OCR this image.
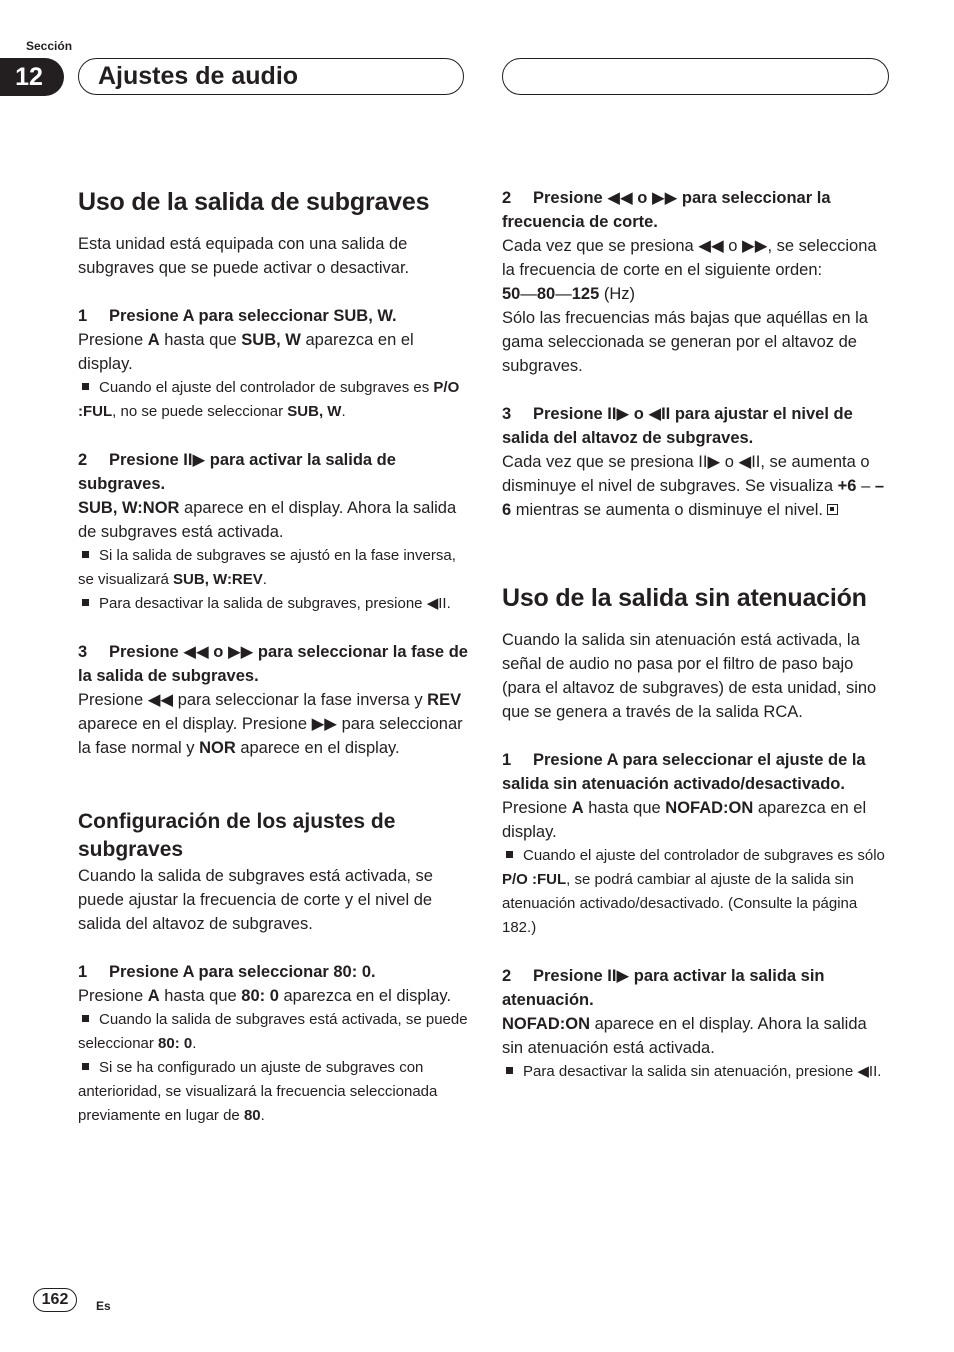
Sección
12	Ajustes de audio
Uso de la salida de subgraves

Esta unidad está equipada con una salida de subgraves que se puede activar o desactivar.

1 Presione A para seleccionar SUB, W.

Presione A hasta que SUB, W aparezca en el display.

Cuando el ajuste del controlador de subgraves es P/O :FUL, no se puede seleccionar SUB, W.

2 Presione II▶ para activar la salida de subgraves.

SUB, W:NOR aparece en el display. Ahora la salida de subgraves está activada.

Si la salida de subgraves se ajustó en la fase inversa, se visualizará SUB, W:REV.

Para desactivar la salida de subgraves, presione ◀II.

3 Presione ◀◀ o ▶▶ para seleccionar la fase de la salida de subgraves.

Presione ◀◀ para seleccionar la fase inversa y REV aparece en el display. Presione ▶▶ para seleccionar la fase normal y NOR aparece en el display.

Configuración de los ajustes de subgraves

Cuando la salida de subgraves está activada, se puede ajustar la frecuencia de corte y el nivel de salida del altavoz de subgraves.

1 Presione A para seleccionar 80: 0.

Presione A hasta que 80: 0 aparezca en el display.

Cuando la salida de subgraves está activada, se puede seleccionar 80: 0.

Si se ha configurado un ajuste de subgraves con anterioridad, se visualizará la frecuencia seleccionada previamente en lugar de 80.

2 Presione ◀◀ o ▶▶ para seleccionar la frecuencia de corte.

Cada vez que se presiona ◀◀ o ▶▶, se selecciona la frecuencia de corte en el siguiente orden:

50—80—125 (Hz)

Sólo las frecuencias más bajas que aquéllas en la gama seleccionada se generan por el altavoz de subgraves.

3 Presione II▶ o ◀II para ajustar el nivel de salida del altavoz de subgraves.

Cada vez que se presiona II▶ o ◀II, se aumenta o disminuye el nivel de subgraves. Se visualiza +6 – –6 mientras se aumenta o disminuye el nivel.

Uso de la salida sin atenuación

Cuando la salida sin atenuación está activada, la señal de audio no pasa por el filtro de paso bajo (para el altavoz de subgraves) de esta unidad, sino que se genera a través de la salida RCA.

1 Presione A para seleccionar el ajuste de la salida sin atenuación activado/desactivado.

Presione A hasta que NOFAD:ON aparezca en el display.

Cuando el ajuste del controlador de subgraves es sólo P/O :FUL, se podrá cambiar al ajuste de la salida sin atenuación activado/desactivado. (Consulte la página 182.)

2 Presione II▶ para activar la salida sin atenuación.

NOFAD:ON aparece en el display. Ahora la salida sin atenuación está activada.

Para desactivar la salida sin atenuación, presione ◀II.

162	Es
